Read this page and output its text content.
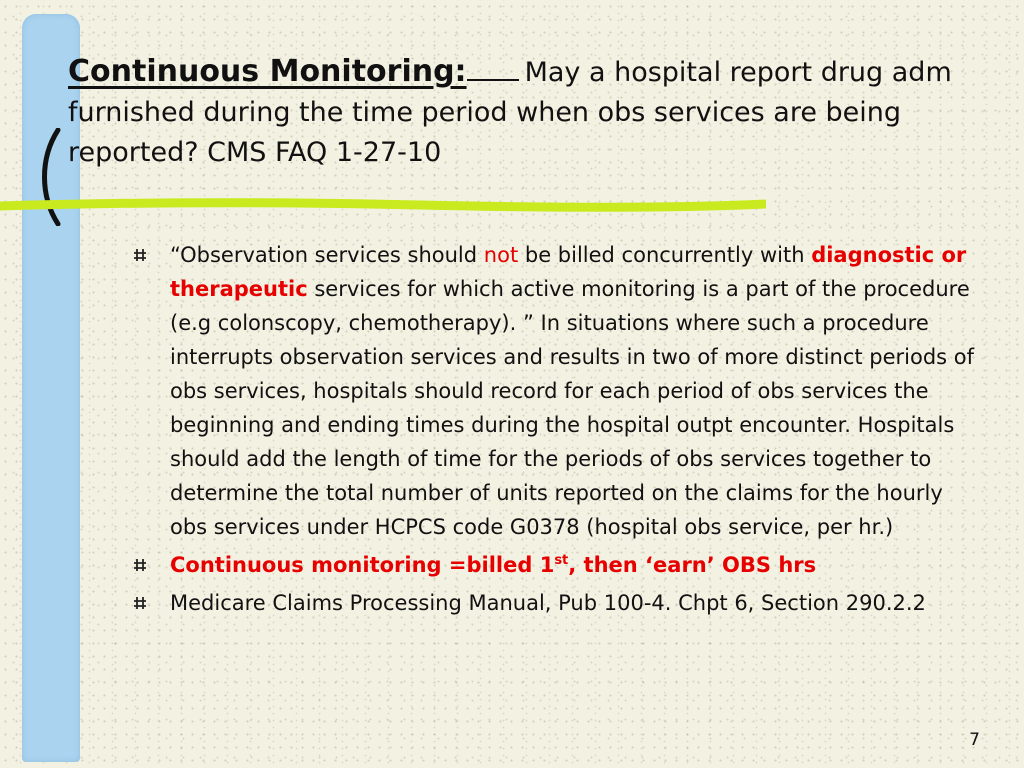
Continuous Monitoring: May a hospital report drug adm furnished during the time period when obs services are being reported? CMS FAQ 1-27-10
“Observation services should not be billed concurrently with diagnostic or therapeutic services for which active monitoring is a part of the procedure (e.g colonscopy, chemotherapy). ” In situations where such a procedure interrupts observation services and results in two of more distinct periods of obs services, hospitals should record for each period of obs services the beginning and ending times during the hospital outpt encounter. Hospitals should add the length of time for the periods of obs services together to determine the total number of units reported on the claims for the hourly obs services under HCPCS code G0378 (hospital obs service, per hr.)
Continuous monitoring =billed 1st, then ‘earn’ OBS hrs
Medicare Claims Processing Manual, Pub 100-4. Chpt 6, Section 290.2.2
7
